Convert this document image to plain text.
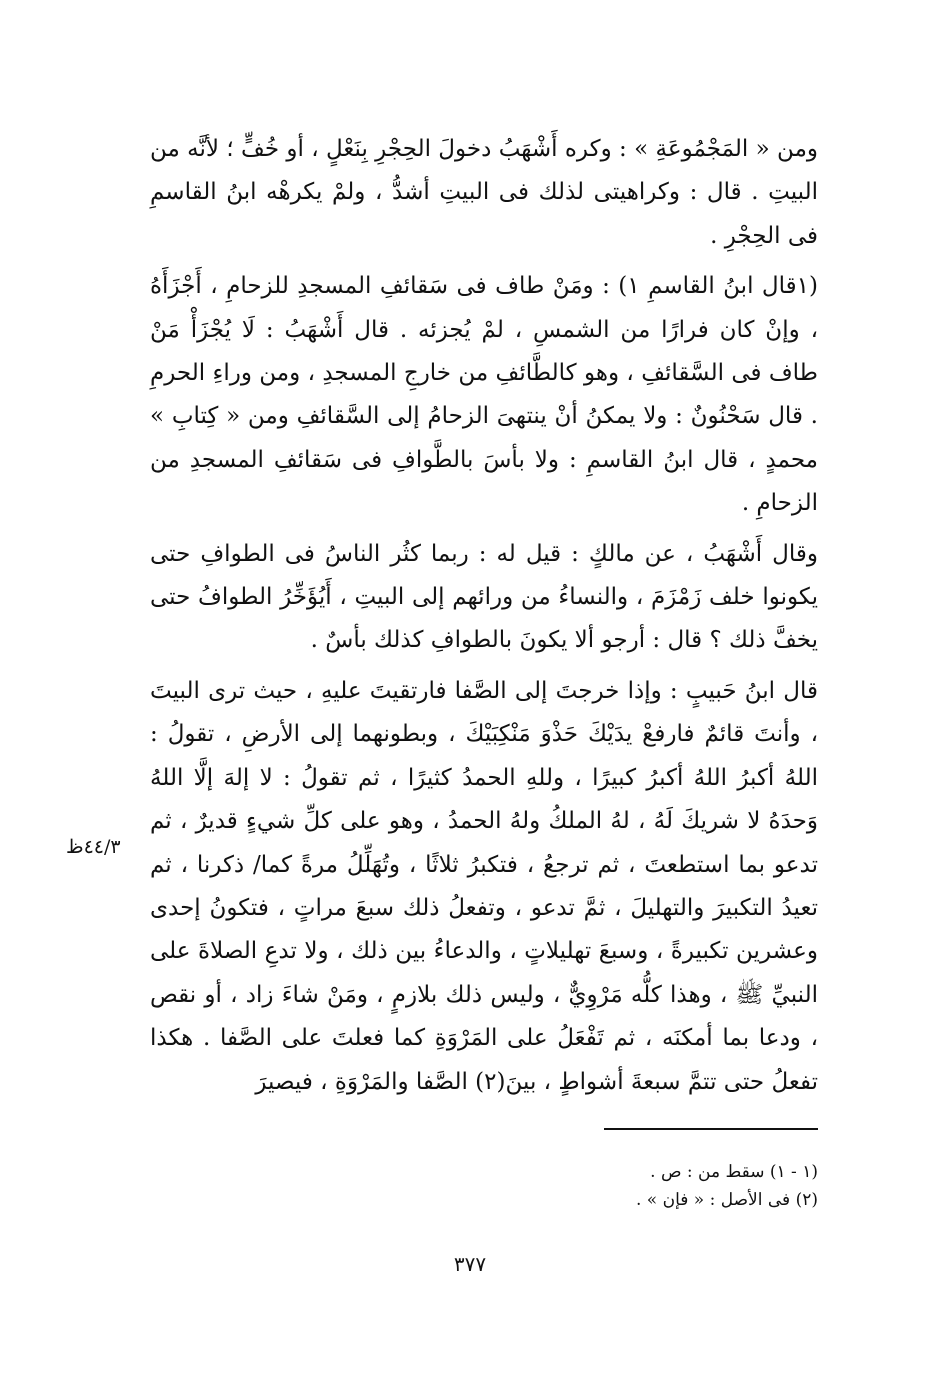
ومن « المَجْمُوعَةِ » : وكره أَشْهَبُ دخولَ الحِجْرِ بِنَعْلٍ ، أو خُفٍّ ؛ لأنَّه من البيتِ . قال : وكراهيتى لذلك فى البيتِ أشدُّ ، ولمْ يكرهْه ابنُ القاسمِ فى الحِجْرِ .

(١قال ابنُ القاسمِ ١) : ومَنْ طاف فى سَقائفِ المسجدِ للزحامِ ، أَجْزَأَهُ ، وإنْ كان فرارًا من الشمسِ ، لمْ يُجزئه . قال أَشْهَبُ : لَا يُجْزَأْ مَنْ طاف فى السَّقائفِ ، وهو كالطَّائفِ من خارجِ المسجدِ ، ومن وراءِ الحرمِ . قال سَحْنُونٌ : ولا يمكنُ أنْ ينتهىَ الزحامُ إلى السَّقائفِ ومن « كِتابِ » محمدٍ ، قال ابنُ القاسمِ : ولا بأسَ بالطَّوافِ فى سَقائفِ المسجدِ من الزحامِ .

وقال أَشْهَبُ ، عن مالكٍ : قيل له : ربما كثُر الناسُ فى الطوافِ حتى يكونوا خلف زَمْزَمَ ، والنساءُ من ورائهم إلى البيتِ ، أَيُؤَخِّرُ الطوافُ حتى يخفَّ ذلك ؟ قال : أرجو ألا يكونَ بالطوافِ كذلك بأسٌ .

قال ابنُ حَبيبٍ : وإذا خرجتَ إلى الصَّفا فارتقيتَ عليهِ ، حيث ترى البيتَ ، وأنتَ قائمٌ فارفعْ يدَيْكَ حَذْوَ مَنْكِبَيْكَ ، وبطونهما إلى الأرضِ ، تقولُ : اللهُ أكبرُ اللهُ أكبرُ كبيرًا ، وللهِ الحمدُ كثيرًا ، ثم تقولُ : لا إلهَ إلَّا اللهُ وَحدَهُ لا شريكَ لَهُ ، لهُ الملكُ ولهُ الحمدُ ، وهو على كلِّ شيءٍ قديرٌ ، ثم تدعو بما استطعتَ ، ثم ترجعُ ، فتكبرُ ثلاثًا ، وتُهَلِّلُ مرةً كما/ ذكرنا ، ثم تعيدُ التكبيرَ والتهليلَ ، ثمَّ تدعو ، وتفعلُ ذلك سبعَ مراتٍ ، فتكونُ إحدى وعشرين تكبيرةً ، وسبعَ تهليلاتٍ ، والدعاءُ بين ذلك ، ولا تدعِ الصلاةَ على النبيِّ ﷺ ، وهذا كلُّه مَرْوِيٌّ ، وليس ذلك بلازمٍ ، ومَنْ شاءَ زاد ، أو نقص ، ودعا بما أمكنَه ، ثم تَفْعَلُ على المَرْوَةِ كما فعلتَ على الصَّفا . هكذا تفعلُ حتى تتمَّ سبعةَ أشواطٍ ، بينَ(٢) الصَّفا والمَرْوَةِ ، فيصيرَ

٤٤/٣ظ

(١ - ١) سقط من : ص .

(٢) فى الأصل : « فإن » .

٣٧٧
